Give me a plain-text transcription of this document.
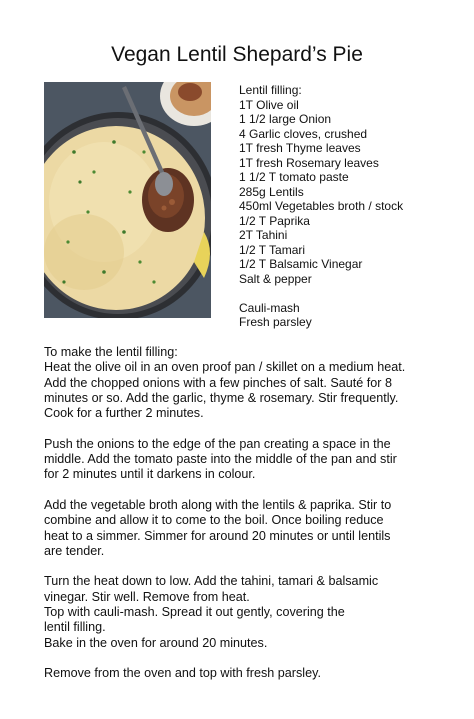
Vegan Lentil Shepard’s Pie
Lentil filling:
1T Olive oil
1 1/2 large Onion
4 Garlic cloves, crushed
1T fresh Thyme leaves
1T fresh Rosemary leaves
1 1/2 T tomato paste
285g Lentils
450ml Vegetables broth / stock
1/2 T Paprika
2T Tahini
1/2 T Tamari
1/2 T Balsamic Vinegar
Salt & pepper
Cauli-mash
Fresh parsley

To make the lentil filling:
Heat the olive oil in an oven proof pan / skillet on a medium heat.
Add the chopped onions with a few pinches of salt. Sauté for 8
minutes or so. Add the garlic, thyme & rosemary. Stir frequently.
Cook for a further 2 minutes.

Push the onions to the edge of the pan creating a space in the
middle. Add the tomato paste into the middle of the pan and stir
for 2 minutes until it darkens in colour.

Add the vegetable broth along with the lentils & paprika. Stir to
combine and allow it to come to the boil. Once boiling reduce
heat to a simmer. Simmer for around 20 minutes or until lentils
are tender.

Turn the heat down to low. Add the tahini, tamari & balsamic
vinegar. Stir well. Remove from heat.
Top with cauli-mash. Spread it out gently, covering the
lentil filling.
Bake in the oven for around 20 minutes.

Remove from the oven and top with fresh parsley.
